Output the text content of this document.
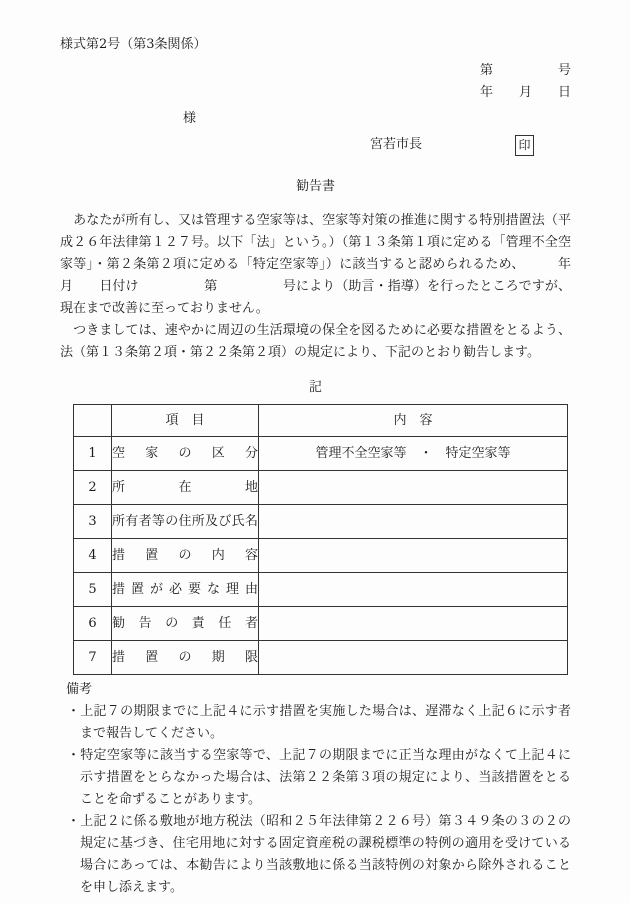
様式第2号（第3条関係）
第　　　　　号
年　　月　　日
様
宮若市長	印
勧告書
　あなたが所有し、又は管理する空家等は、空家等対策の推進に関する特別措置法（平成２６年法律第１２７号。以下「法」という。）（第１３条第１項に定める「管理不全空家等」・第２条第２項に定める「特定空家等」）に該当すると認められるため、　　　年　　月　　日付け　　　　　第　　　　　号により（助言・指導）を行ったところですが、現在まで改善に至っておりません。
　つきましては、速やかに周辺の生活環境の保全を図るために必要な措置をとるよう、法（第１３条第２項・第２２条第２項）の規定により、下記のとおり勧告します。
記
	項　目	内　容
1	空家の区分	管理不全空家等　・　特定空家等
2	所在地	
3	所有者等の住所及び氏名	
4	措置の内容	
5	措置が必要な理由	
6	勧告の責任者	
7	措置の期限	
備考
・上記７の期限までに上記４に示す措置を実施した場合は、遅滞なく上記６に示す者まで報告してください。
・特定空家等に該当する空家等で、上記７の期限までに正当な理由がなくて上記４に示す措置をとらなかった場合は、法第２２条第３項の規定により、当該措置をとることを命ずることがあります。
・上記２に係る敷地が地方税法（昭和２５年法律第２２６号）第３４９条の３の２の規定に基づき、住宅用地に対する固定資産税の課税標準の特例の適用を受けている場合にあっては、本勧告により当該敷地に係る当該特例の対象から除外されることを申し添えます。
